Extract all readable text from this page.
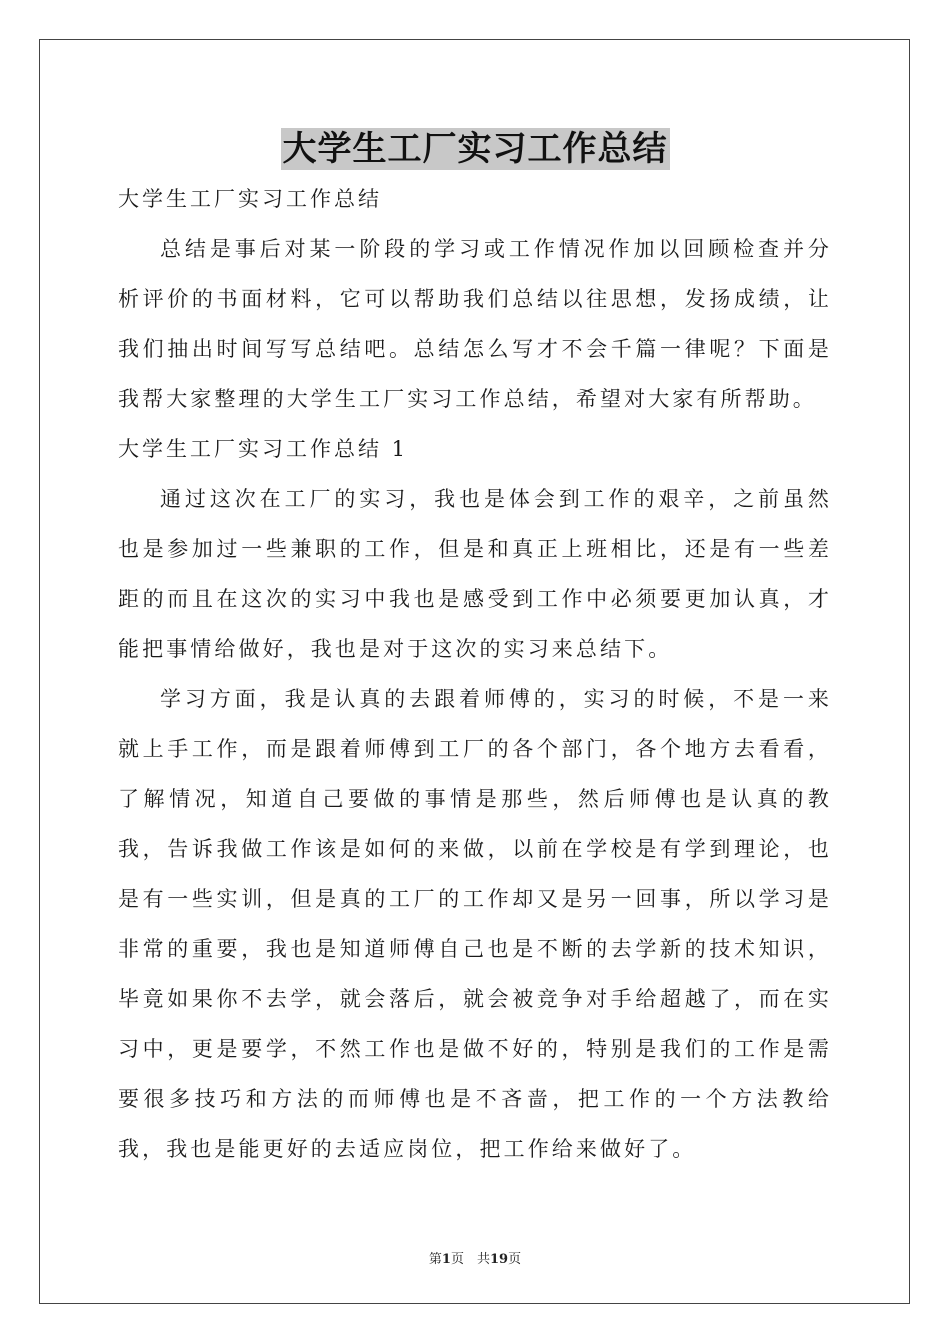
大学生工厂实习工作总结
大学生工厂实习工作总结

总结是事后对某一阶段的学习或工作情况作加以回顾检查并分析评价的书面材料，它可以帮助我们总结以往思想，发扬成绩，让我们抽出时间写写总结吧。总结怎么写才不会千篇一律呢？下面是我帮大家整理的大学生工厂实习工作总结，希望对大家有所帮助。

大学生工厂实习工作总结 1

通过这次在工厂的实习，我也是体会到工作的艰辛，之前虽然也是参加过一些兼职的工作，但是和真正上班相比，还是有一些差距的而且在这次的实习中我也是感受到工作中必须要更加认真，才能把事情给做好，我也是对于这次的实习来总结下。

学习方面，我是认真的去跟着师傅的，实习的时候，不是一来就上手工作，而是跟着师傅到工厂的各个部门，各个地方去看看，了解情况，知道自己要做的事情是那些，然后师傅也是认真的教我，告诉我做工作该是如何的来做，以前在学校是有学到理论，也是有一些实训，但是真的工厂的工作却又是另一回事，所以学习是非常的重要，我也是知道师傅自己也是不断的去学新的技术知识，毕竟如果你不去学，就会落后，就会被竞争对手给超越了，而在实习中，更是要学，不然工作也是做不好的，特别是我们的工作是需要很多技巧和方法的而师傅也是不吝啬，把工作的一个方法教给我，我也是能更好的去适应岗位，把工作给来做好了。

第1页　共19页
